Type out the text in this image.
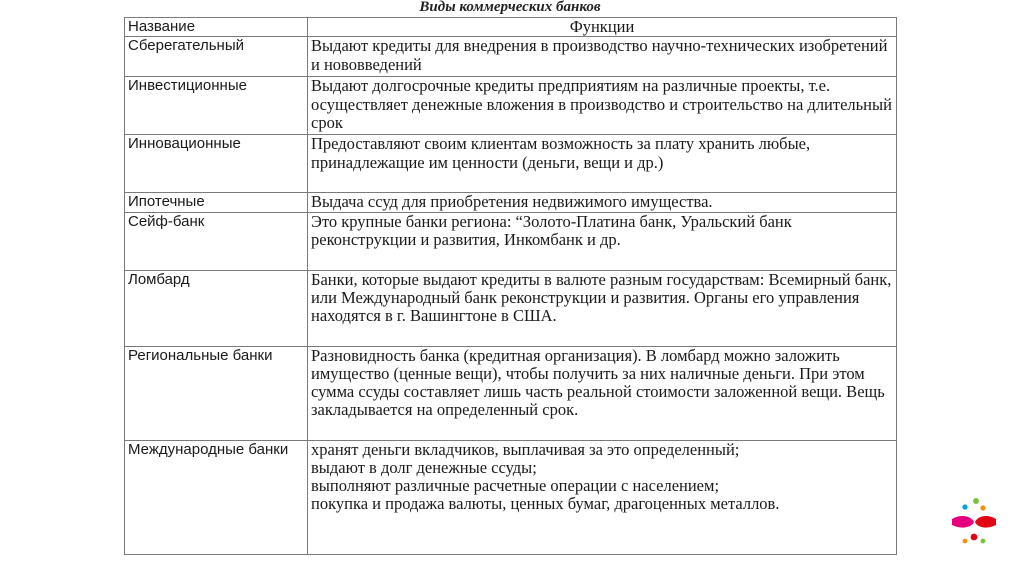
Виды коммерческих банков
Название	Функции
Сберегательный	Выдают кредиты для внедрения в производство научно-технических изобретений и нововведений
Инвестиционные	Выдают долгосрочные кредиты предприятиям на различные проекты, т.е. осуществляет денежные вложения в производство и строительство на длительный срок
Инновационные	Предоставляют своим клиентам возможность за плату хранить любые, принадлежащие им ценности (деньги, вещи и др.)
Ипотечные	Выдача ссуд для приобретения недвижимого имущества.
Сейф-банк	Это крупные банки региона: “Золото-Платина банк, Уральский банк реконструкции и развития, Инкомбанк и др.
Ломбард	Банки, которые выдают кредиты в валюте разным государствам: Всемирный банк, или Международный банк реконструкции и развития. Органы его управления находятся в г. Вашингтоне в США.
Региональные банки	Разновидность банка (кредитная организация). В ломбард можно заложить имущество (ценные вещи), чтобы получить за них наличные деньги. При этом сумма ссуды составляет лишь часть реальной стоимости заложенной вещи. Вещь закладывается на определенный срок.
Международные банки	хранят деньги вкладчиков, выплачивая за это определенный;
выдают в долг денежные ссуды;
выполняют различные расчетные операции с населением;
покупка и продажа валюты, ценных бумаг, драгоценных металлов.
